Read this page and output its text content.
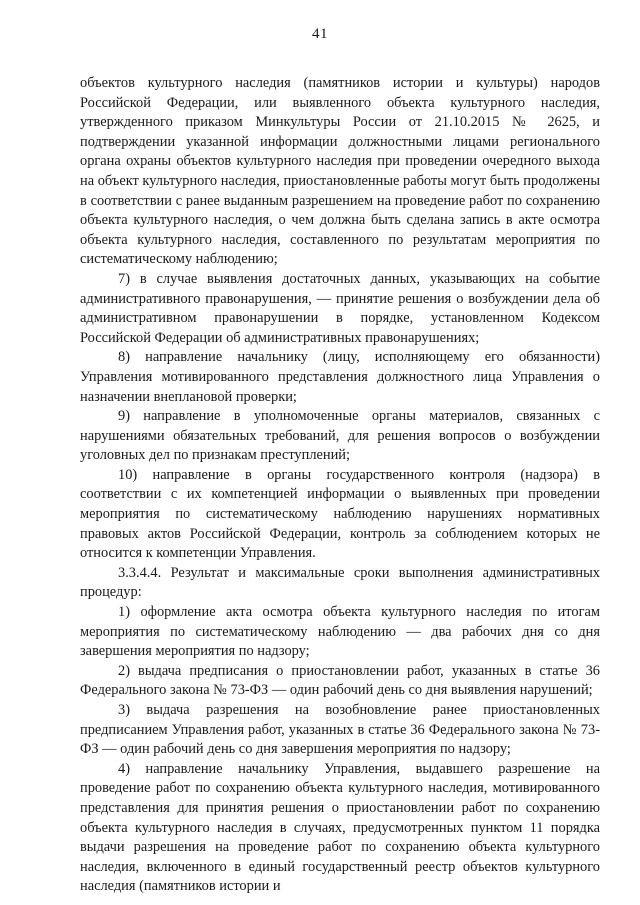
41

объектов культурного наследия (памятников истории и культуры) народов Российской Федерации, или выявленного объекта культурного наследия, утвержденного приказом Минкультуры России от 21.10.2015 № 2625, и подтверждении указанной информации должностными лицами регионального органа охраны объектов культурного наследия при проведении очередного выхода на объект культурного наследия, приостановленные работы могут быть продолжены в соответствии с ранее выданным разрешением на проведение работ по сохранению объекта культурного наследия, о чем должна быть сделана запись в акте осмотра объекта культурного наследия, составленного по результатам мероприятия по систематическому наблюдению;

7) в случае выявления достаточных данных, указывающих на событие административного правонарушения, — принятие решения о возбуждении дела об административном правонарушении в порядке, установленном Кодексом Российской Федерации об административных правонарушениях;

8) направление начальнику (лицу, исполняющему его обязанности) Управления мотивированного представления должностного лица Управления о назначении внеплановой проверки;

9) направление в уполномоченные органы материалов, связанных с нарушениями обязательных требований, для решения вопросов о возбуждении уголовных дел по признакам преступлений;

10) направление в органы государственного контроля (надзора) в соответствии с их компетенцией информации о выявленных при проведении мероприятия по систематическому наблюдению нарушениях нормативных правовых актов Российской Федерации, контроль за соблюдением которых не относится к компетенции Управления.

3.3.4.4. Результат и максимальные сроки выполнения административных процедур:

1) оформление акта осмотра объекта культурного наследия по итогам мероприятия по систематическому наблюдению — два рабочих дня со дня завершения мероприятия по надзору;

2) выдача предписания о приостановлении работ, указанных в статье 36 Федерального закона № 73-ФЗ — один рабочий день со дня выявления нарушений;

3) выдача разрешения на возобновление ранее приостановленных предписанием Управления работ, указанных в статье 36 Федерального закона № 73-ФЗ — один рабочий день со дня завершения мероприятия по надзору;

4) направление начальнику Управления, выдавшего разрешение на проведение работ по сохранению объекта культурного наследия, мотивированного представления для принятия решения о приостановлении работ по сохранению объекта культурного наследия в случаях, предусмотренных пунктом 11 порядка выдачи разрешения на проведение работ по сохранению объекта культурного наследия, включенного в единый государственный реестр объектов культурного наследия (памятников истории и
